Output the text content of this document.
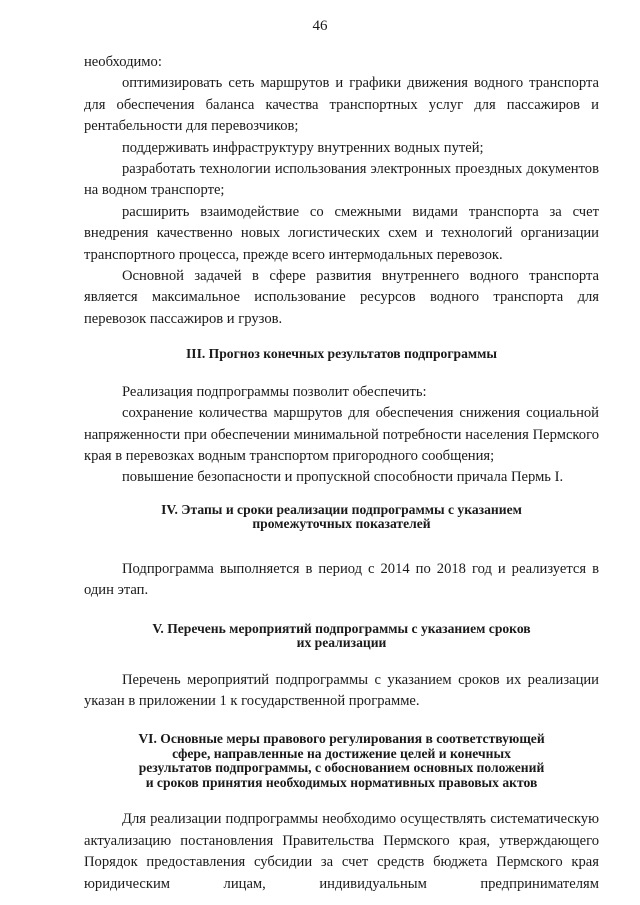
46

необходимо:

оптимизировать сеть маршрутов и графики движения водного транспорта для обеспечения баланса качества транспортных услуг для пассажиров и рентабельности для перевозчиков;

поддерживать инфраструктуру внутренних водных путей;

разработать технологии использования электронных проездных документов на водном транспорте;

расширить взаимодействие со смежными видами транспорта за счет внедрения качественно новых логистических схем и технологий организации транспортного процесса, прежде всего интермодальных перевозок.

Основной задачей в сфере развития внутреннего водного транспорта является максимальное использование ресурсов водного транспорта для перевозок пассажиров и грузов.

III. Прогноз конечных результатов подпрограммы

Реализация подпрограммы позволит обеспечить:

сохранение количества маршрутов для обеспечения снижения социальной напряженности при обеспечении минимальной потребности населения Пермского края в перевозках водным транспортом пригородного сообщения;

повышение безопасности и пропускной способности причала Пермь I.

IV. Этапы и сроки реализации подпрограммы с указанием
промежуточных показателей

Подпрограмма выполняется в период с 2014 по 2018 год и реализуется в один этап.

V. Перечень мероприятий подпрограммы с указанием сроков
их реализации

Перечень мероприятий подпрограммы с указанием сроков их реализации указан в приложении 1 к государственной программе.

VI. Основные меры правового регулирования в соответствующей
сфере, направленные на достижение целей и конечных
результатов подпрограммы, с обоснованием основных положений
и сроков принятия необходимых нормативных правовых актов

Для реализации подпрограммы необходимо осуществлять систематическую актуализацию постановления Правительства Пермского края, утверждающего Порядок предоставления субсидии за счет средств бюджета Пермского края юридическим лицам, индивидуальным предпринимателям
